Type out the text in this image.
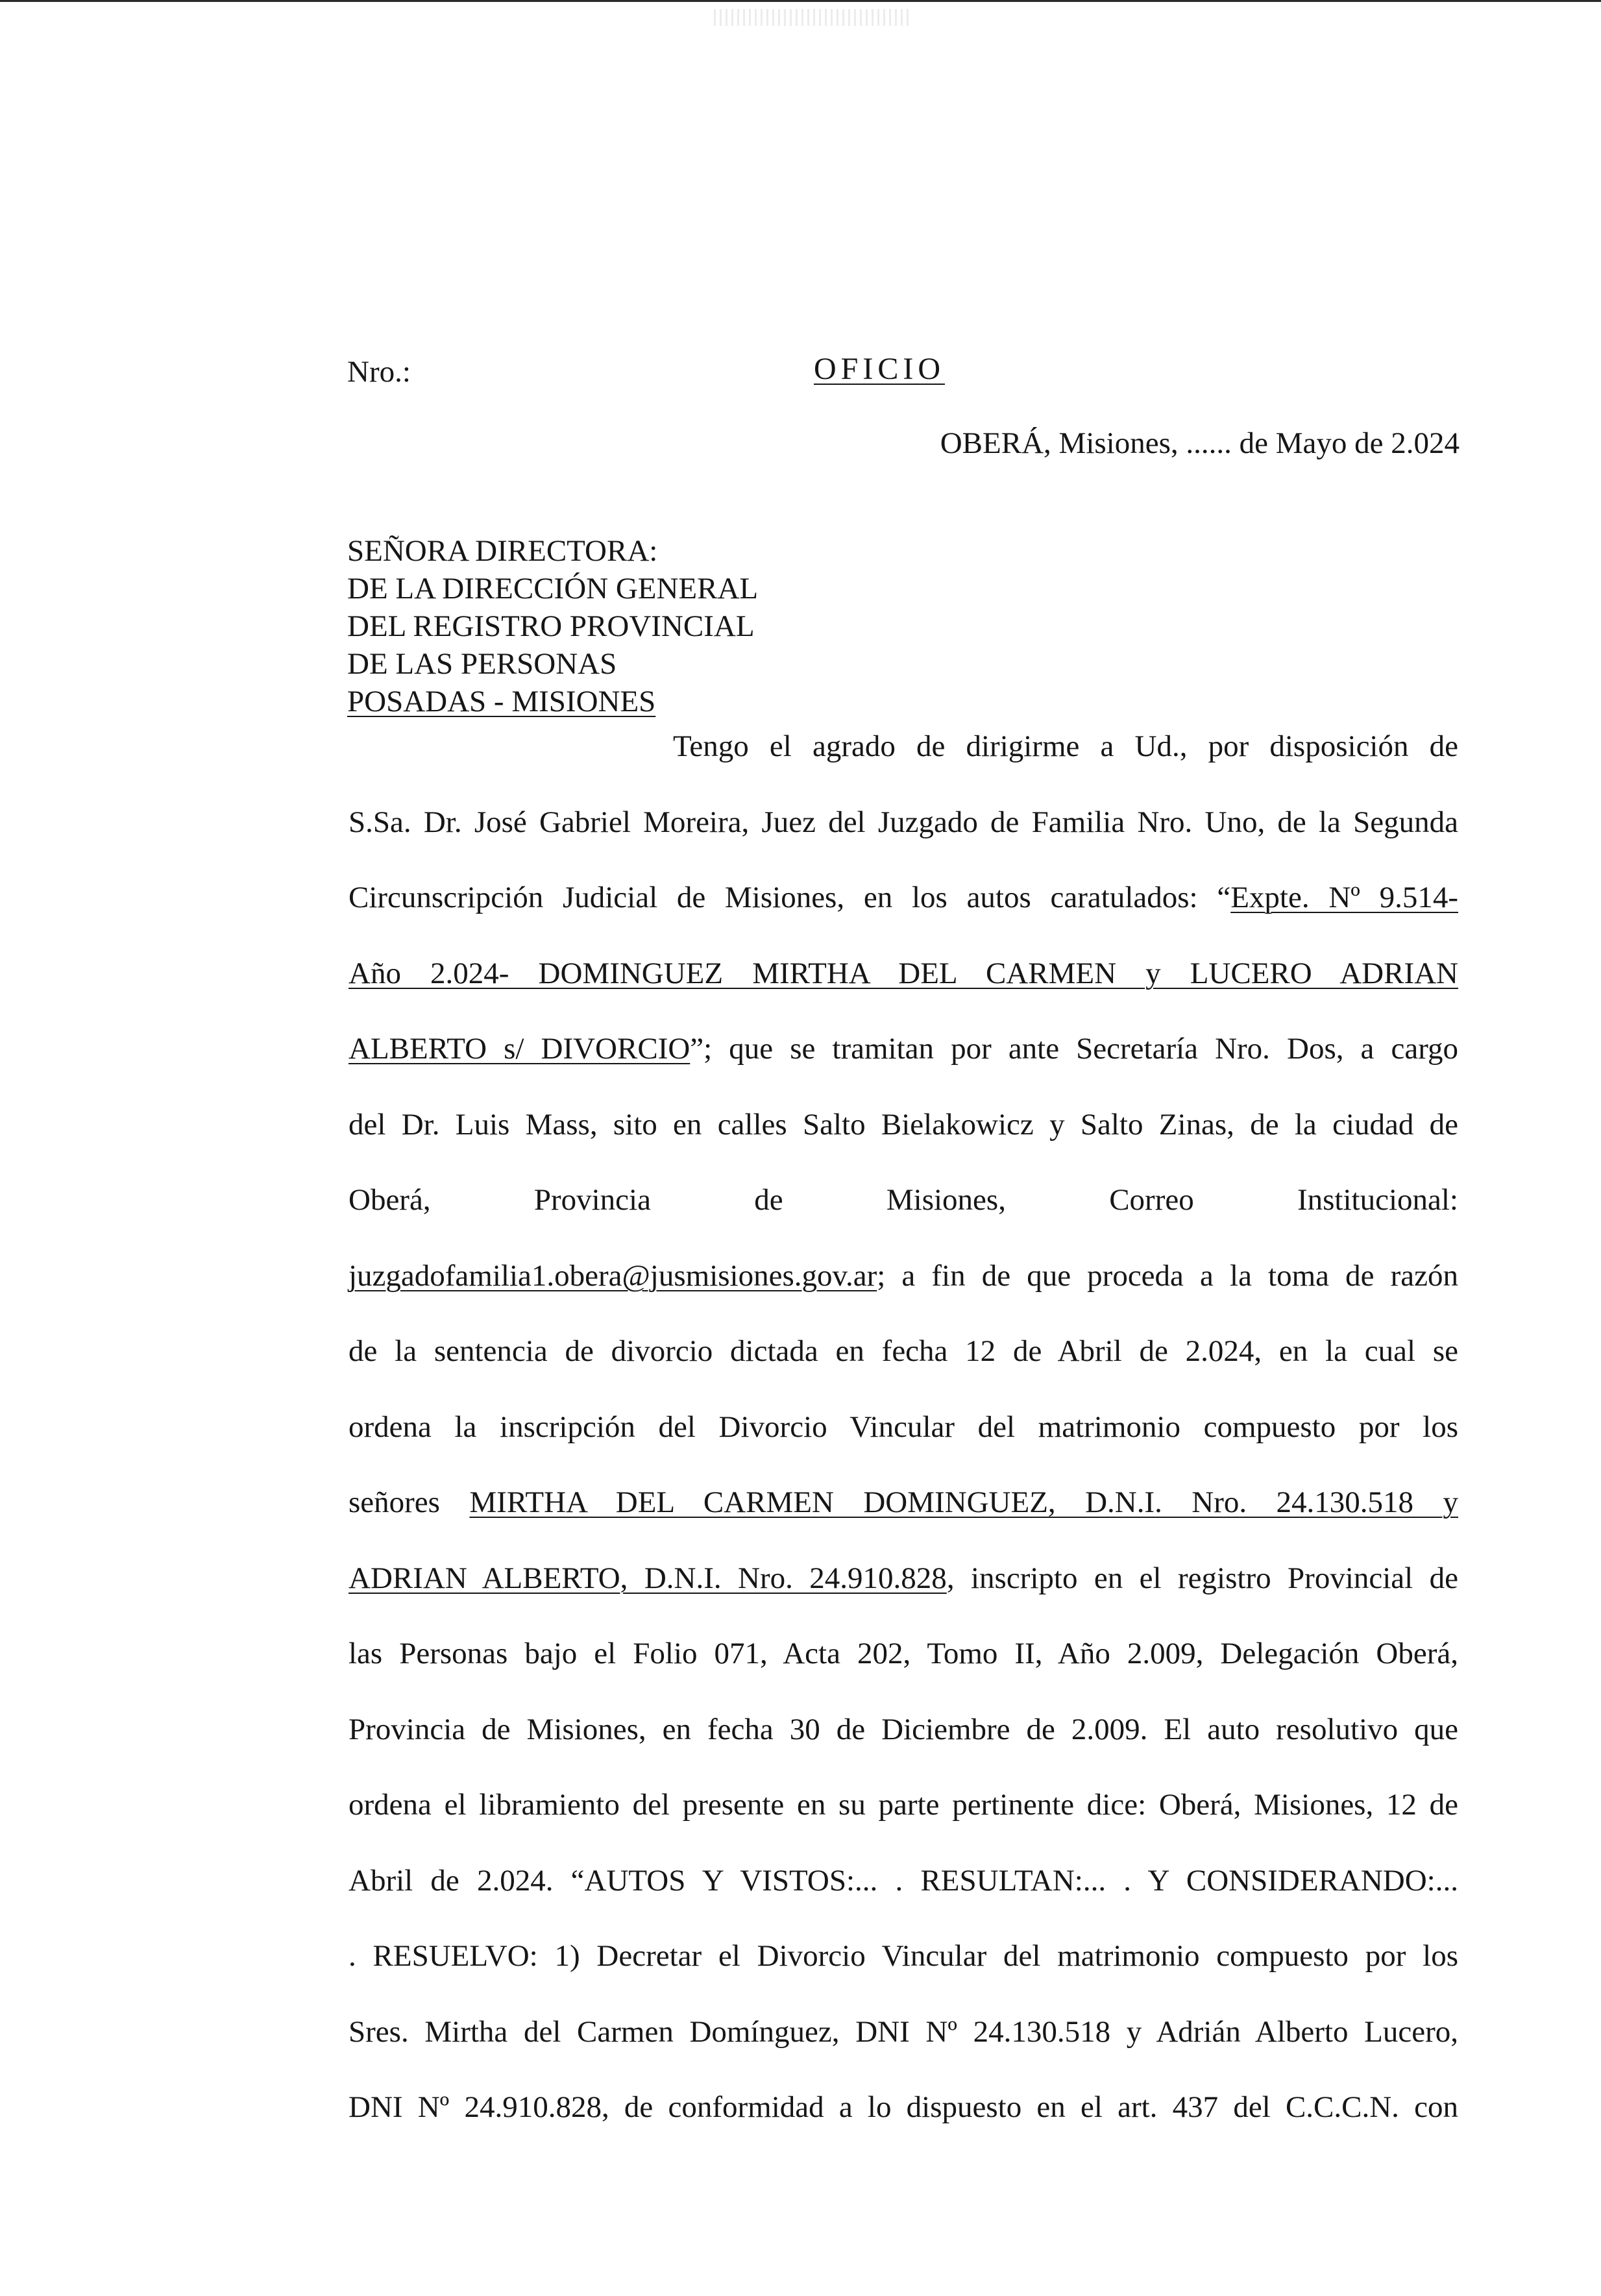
Nro.:	OFICIO
OBERÁ, Misiones, ...... de Mayo de 2.024
SEÑORA DIRECTORA:
DE LA DIRECCIÓN GENERAL
DEL REGISTRO PROVINCIAL
DE LAS PERSONAS
POSADAS - MISIONES
Tengo el agrado de dirigirme a Ud., por disposición de
S.Sa. Dr. José Gabriel Moreira, Juez del Juzgado de Familia Nro. Uno, de la Segunda
Circunscripción Judicial de Misiones, en los autos caratulados: “Expte. Nº 9.514-
Año 2.024- DOMINGUEZ MIRTHA DEL CARMEN y LUCERO ADRIAN
ALBERTO s/ DIVORCIO”; que se tramitan por ante Secretaría Nro. Dos, a cargo
del Dr. Luis Mass, sito en calles Salto Bielakowicz y Salto Zinas, de la ciudad de
Oberá, Provincia de Misiones, Correo Institucional:
juzgadofamilia1.obera@jusmisiones.gov.ar; a fin de que proceda a la toma de razón
de la sentencia de divorcio dictada en fecha 12 de Abril de 2.024, en la cual se
ordena la inscripción del Divorcio Vincular del matrimonio compuesto por los
señores MIRTHA DEL CARMEN DOMINGUEZ, D.N.I. Nro. 24.130.518 y
ADRIAN ALBERTO, D.N.I. Nro. 24.910.828, inscripto en el registro Provincial de
las Personas bajo el Folio 071, Acta 202, Tomo II, Año 2.009, Delegación Oberá,
Provincia de Misiones, en fecha 30 de Diciembre de 2.009. El auto resolutivo que
ordena el libramiento del presente en su parte pertinente dice: Oberá, Misiones, 12 de
Abril de 2.024. “AUTOS Y VISTOS:... . RESULTAN:... . Y CONSIDERANDO:...
. RESUELVO: 1) Decretar el Divorcio Vincular del matrimonio compuesto por los
Sres. Mirtha del Carmen Domínguez, DNI Nº 24.130.518 y Adrián Alberto Lucero,
DNI Nº 24.910.828, de conformidad a lo dispuesto en el art. 437 del C.C.C.N. con
